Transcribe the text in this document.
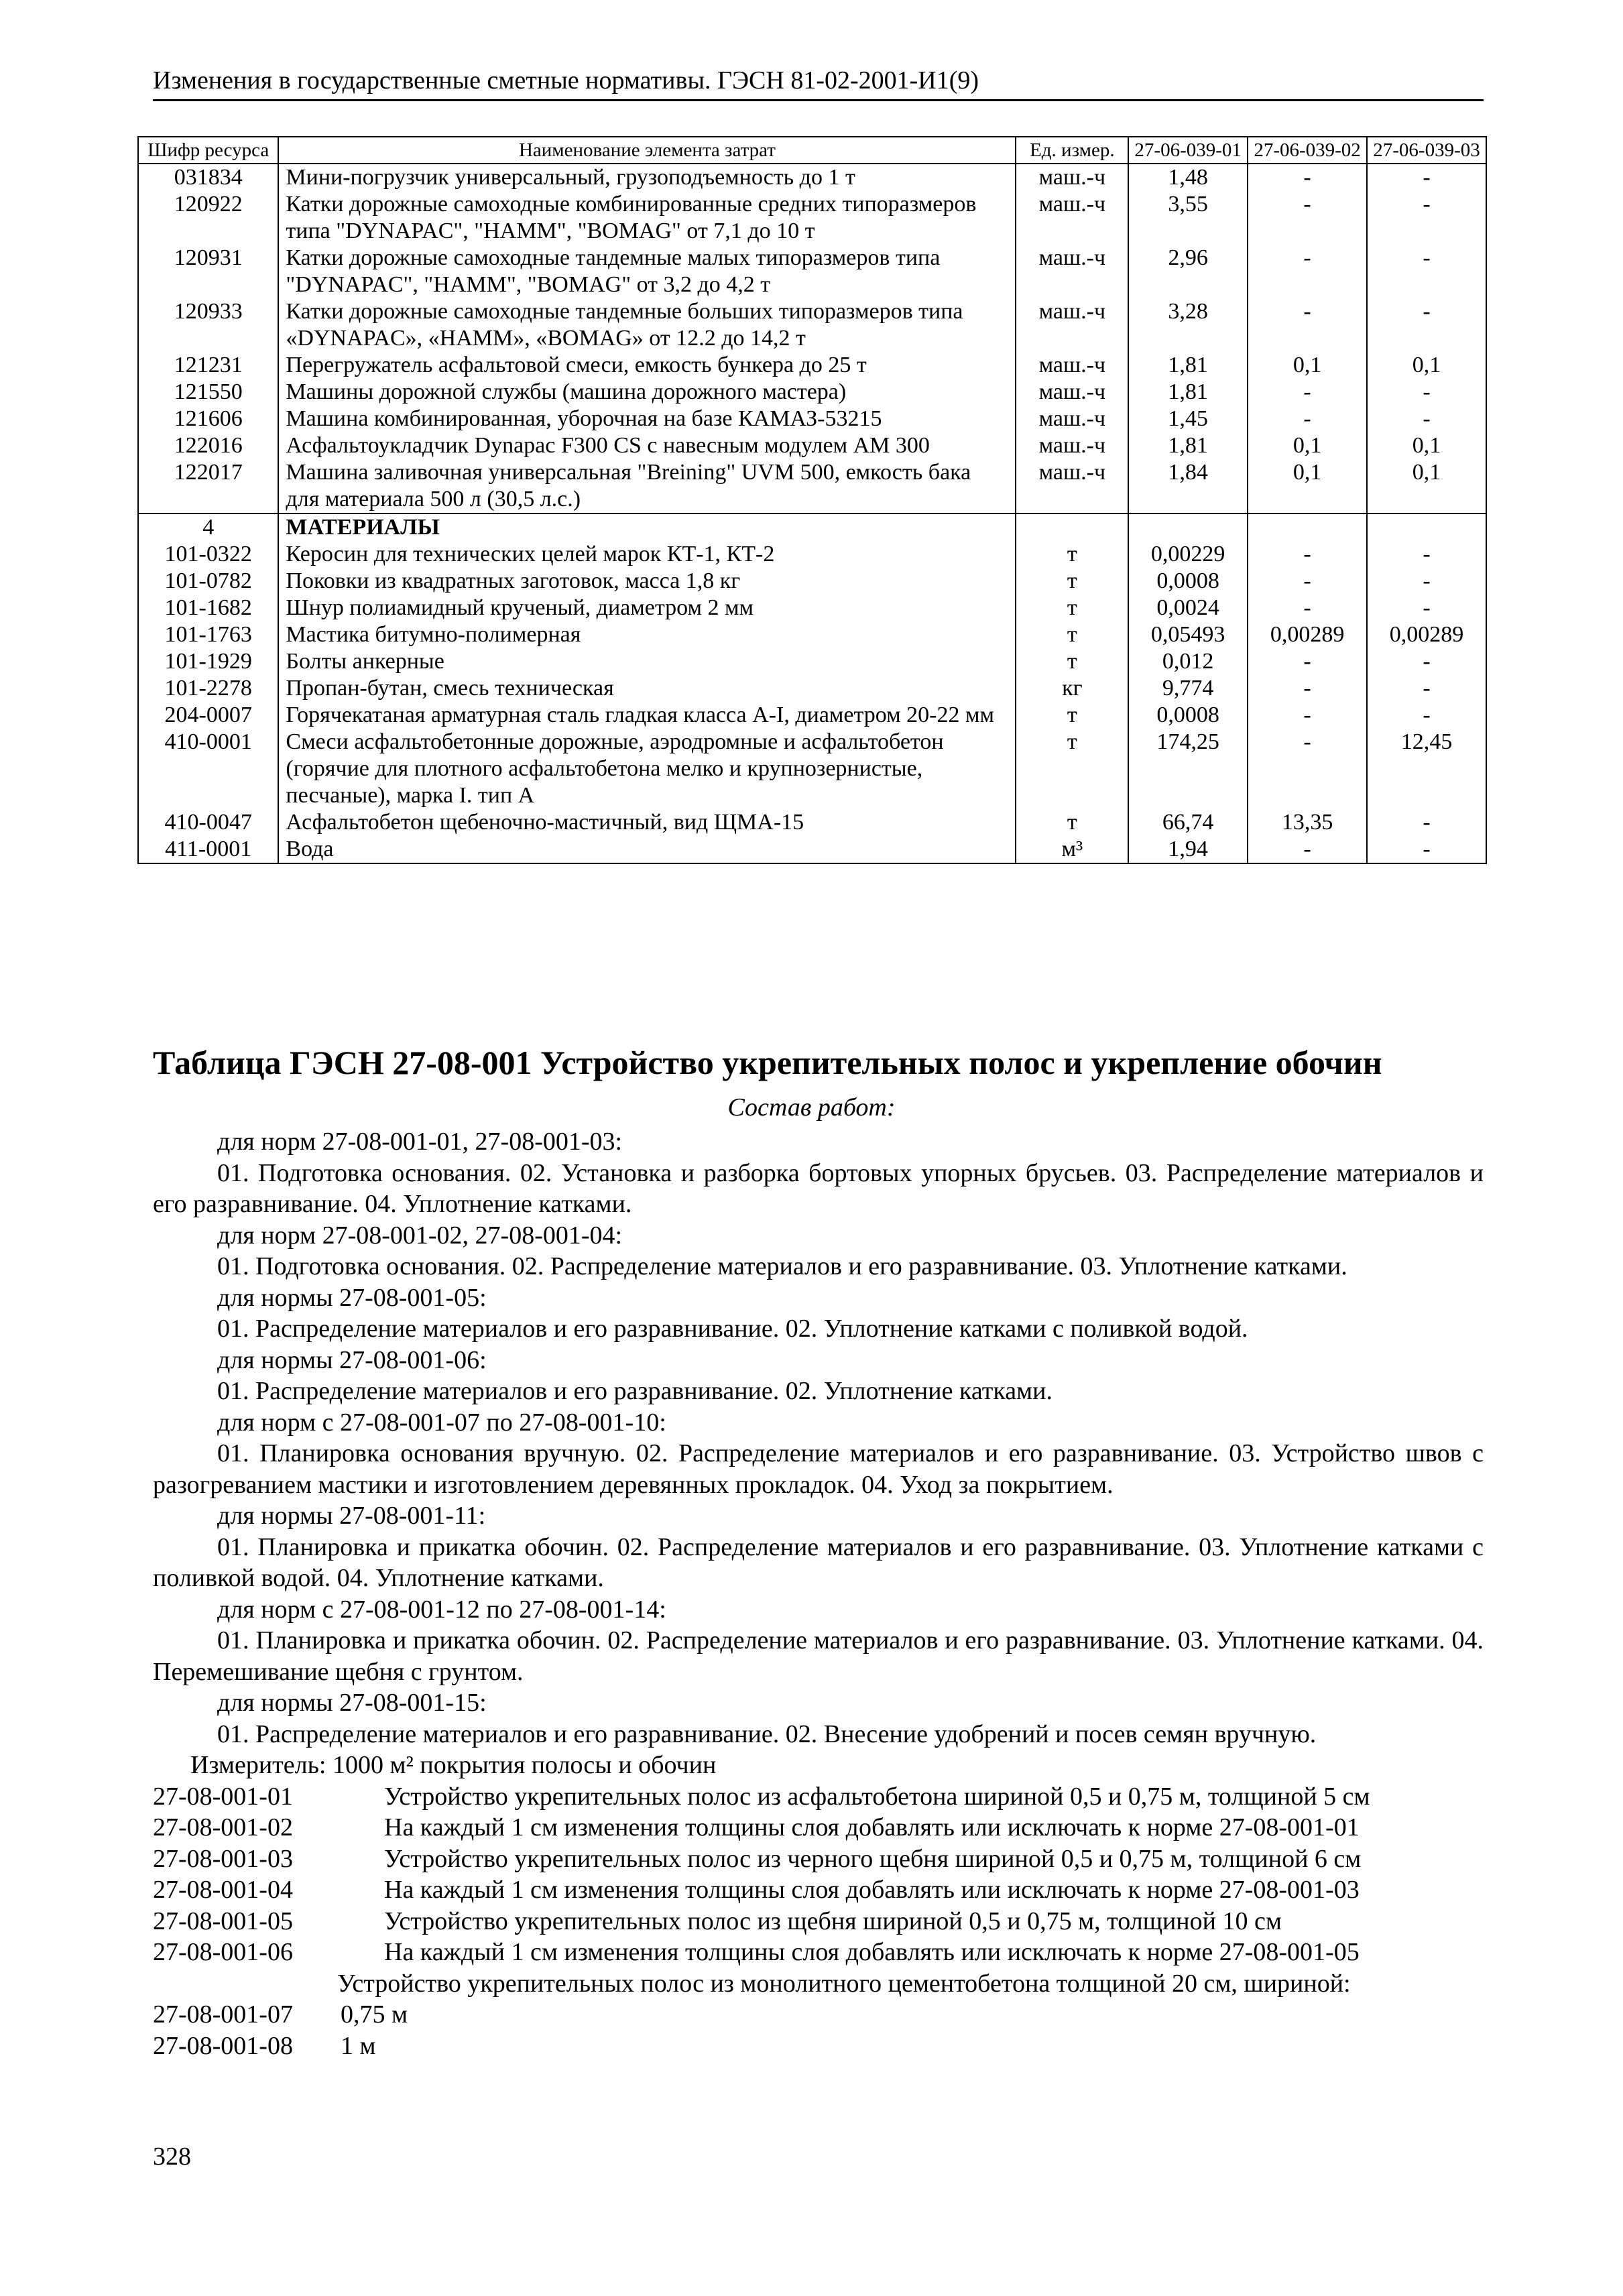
Изменения в государственные сметные нормативы. ГЭСН 81-02-2001-И1(9)
Шифр ресурса	Наименование элемента затрат	Ед. измер.	27-06-039-01	27-06-039-02	27-06-039-03
031834	Мини-погрузчик универсальный, грузоподъемность до 1 т	маш.-ч	1,48	-	-
120922	Катки дорожные самоходные комбинированные средних типоразмеров типа "DYNAPAC", "HAMM", "BOMAG" от 7,1 до 10 т	маш.-ч	3,55	-	-
120931	Катки дорожные самоходные тандемные малых типоразмеров типа "DYNAPAC", "HAMM", "BOMAG" от 3,2 до 4,2 т	маш.-ч	2,96	-	-
120933	Катки дорожные самоходные тандемные больших типоразмеров типа «DYNAPAC», «HAMM», «BOMAG» от 12.2 до 14,2 т	маш.-ч	3,28	-	-
121231	Перегружатель асфальтовой смеси, емкость бункера до 25 т	маш.-ч	1,81	0,1	0,1
121550	Машины дорожной службы (машина дорожного мастера)	маш.-ч	1,81	-	-
121606	Машина комбинированная, уборочная на базе КАМАЗ-53215	маш.-ч	1,45	-	-
122016	Асфальтоукладчик Dynapac F300 CS с навесным модулем АМ 300	маш.-ч	1,81	0,1	0,1
122017	Машина заливочная универсальная "Breining" UVM 500, емкость бака для материала 500 л (30,5 л.с.)	маш.-ч	1,84	0,1	0,1
4	МАТЕРИАЛЫ				
101-0322	Керосин для технических целей марок КТ-1, КТ-2	т	0,00229	-	-
101-0782	Поковки из квадратных заготовок, масса 1,8 кг	т	0,0008	-	-
101-1682	Шнур полиамидный крученый, диаметром 2 мм	т	0,0024	-	-
101-1763	Мастика битумно-полимерная	т	0,05493	0,00289	0,00289
101-1929	Болты анкерные	т	0,012	-	-
101-2278	Пропан-бутан, смесь техническая	кг	9,774	-	-
204-0007	Горячекатаная арматурная сталь гладкая класса А-I, диаметром 20-22 мм	т	0,0008	-	-
410-0001	Смеси асфальтобетонные дорожные, аэродромные и асфальтобетон (горячие для плотного асфальтобетона мелко и крупнозернистые, песчаные), марка I. тип А	т	174,25	-	12,45
410-0047	Асфальтобетон щебеночно-мастичный, вид ЩМА-15	т	66,74	13,35	-
411-0001	Вода	м³	1,94	-	-
Таблица ГЭСН 27-08-001 Устройство укрепительных полос и укрепление обочин
Состав работ:

для норм 27-08-001-01, 27-08-001-03:

01. Подготовка основания. 02. Установка и разборка бортовых упорных брусьев. 03. Распределение материалов и его разравнивание. 04. Уплотнение катками.

для норм 27-08-001-02, 27-08-001-04:

01. Подготовка основания. 02. Распределение материалов и его разравнивание. 03. Уплотнение катками.

для нормы 27-08-001-05:

01. Распределение материалов и его разравнивание. 02. Уплотнение катками с поливкой водой.

для нормы 27-08-001-06:

01. Распределение материалов и его разравнивание. 02. Уплотнение катками.

для норм с 27-08-001-07 по 27-08-001-10:

01. Планировка основания вручную. 02. Распределение материалов и его разравнивание. 03. Устройство швов с разогреванием мастики и изготовлением деревянных прокладок. 04. Уход за покрытием.

для нормы 27-08-001-11:

01. Планировка и прикатка обочин. 02. Распределение материалов и его разравнивание. 03. Уплотнение катками с поливкой водой. 04. Уплотнение катками.

для норм с 27-08-001-12 по 27-08-001-14:

01. Планировка и прикатка обочин. 02. Распределение материалов и его разравнивание. 03. Уплотнение катками. 04. Перемешивание щебня с грунтом.

для нормы 27-08-001-15:

01. Распределение материалов и его разравнивание. 02. Внесение удобрений и посев семян вручную.

Измеритель: 1000 м² покрытия полосы и обочин

27-08-001-01	Устройство укрепительных полос из асфальтобетона шириной 0,5 и 0,75 м, толщиной 5 см
27-08-001-02	На каждый 1 см изменения толщины слоя добавлять или исключать к норме 27-08-001-01
27-08-001-03	Устройство укрепительных полос из черного щебня шириной 0,5 и 0,75 м, толщиной 6 см
27-08-001-04	На каждый 1 см изменения толщины слоя добавлять или исключать к норме 27-08-001-03
27-08-001-05	Устройство укрепительных полос из щебня шириной 0,5 и 0,75 м, толщиной 10 см
27-08-001-06	На каждый 1 см изменения толщины слоя добавлять или исключать к норме 27-08-001-05

Устройство укрепительных полос из монолитного цементобетона толщиной 20 см, шириной:

27-08-001-07	0,75 м
27-08-001-08	1 м
328
